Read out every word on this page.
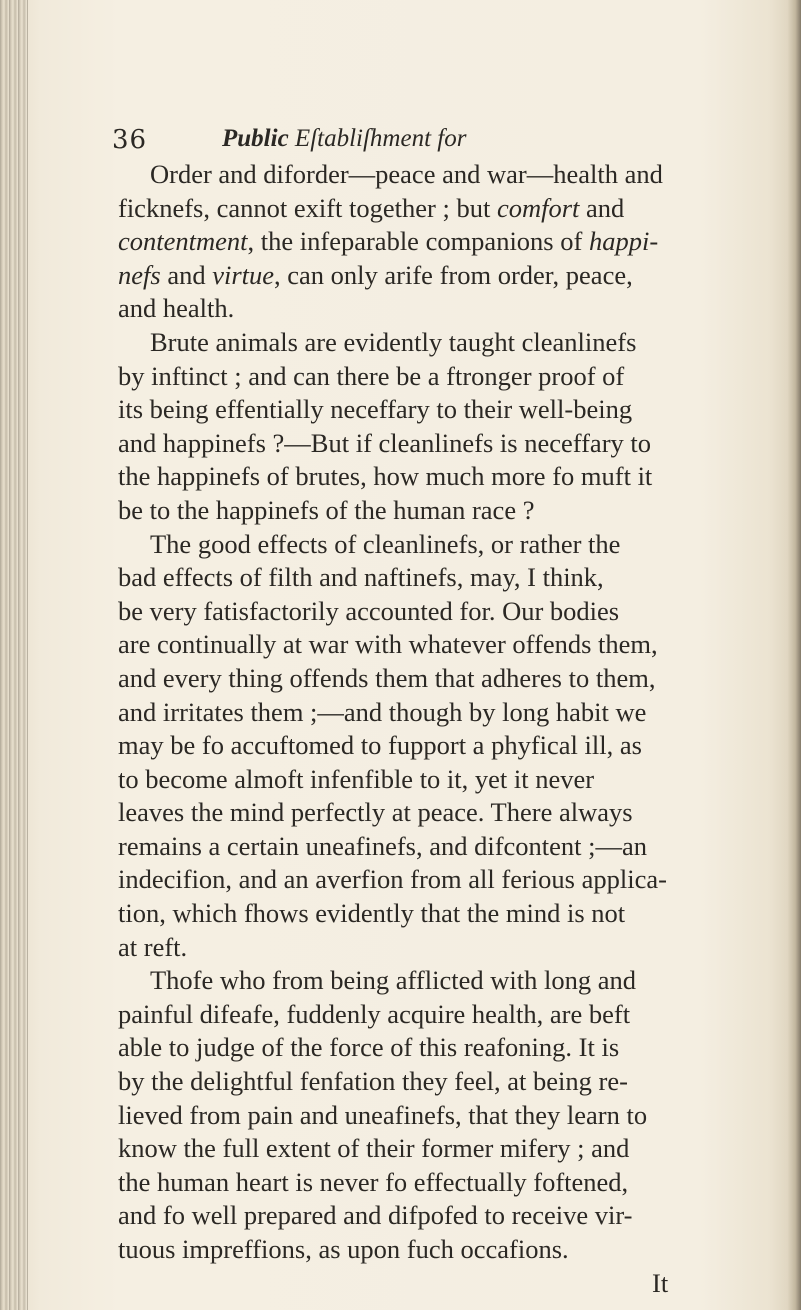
36	Public Eſtabliſhment for
Order and diforder—peace and war—health and
ficknefs, cannot exift together ; but comfort and
contentment, the infeparable companions of happi-
nefs and virtue, can only arife from order, peace,
and health.
Brute animals are evidently taught cleanlinefs
by inftinct ; and can there be a ftronger proof of
its being effentially neceffary to their well-being
and happinefs ?—But if cleanlinefs is neceffary to
the happinefs of brutes, how much more fo muft it
be to the happinefs of the human race ?
The good effects of cleanlinefs, or rather the
bad effects of filth and naftinefs, may, I think,
be very fatisfactorily accounted for. Our bodies
are continually at war with whatever offends them,
and every thing offends them that adheres to them,
and irritates them ;—and though by long habit we
may be fo accuftomed to fupport a phyfical ill, as
to become almoft infenfible to it, yet it never
leaves the mind perfectly at peace. There always
remains a certain uneafinefs, and difcontent ;—an
indecifion, and an averfion from all ferious applica-
tion, which fhows evidently that the mind is not
at reft.
Thofe who from being afflicted with long and
painful difeafe, fuddenly acquire health, are beft
able to judge of the force of this reafoning. It is
by the delightful fenfation they feel, at being re-
lieved from pain and uneafinefs, that they learn to
know the full extent of their former mifery ; and
the human heart is never fo effectually foftened,
and fo well prepared and difpofed to receive vir-
tuous impreffions, as upon fuch occafions.
It
